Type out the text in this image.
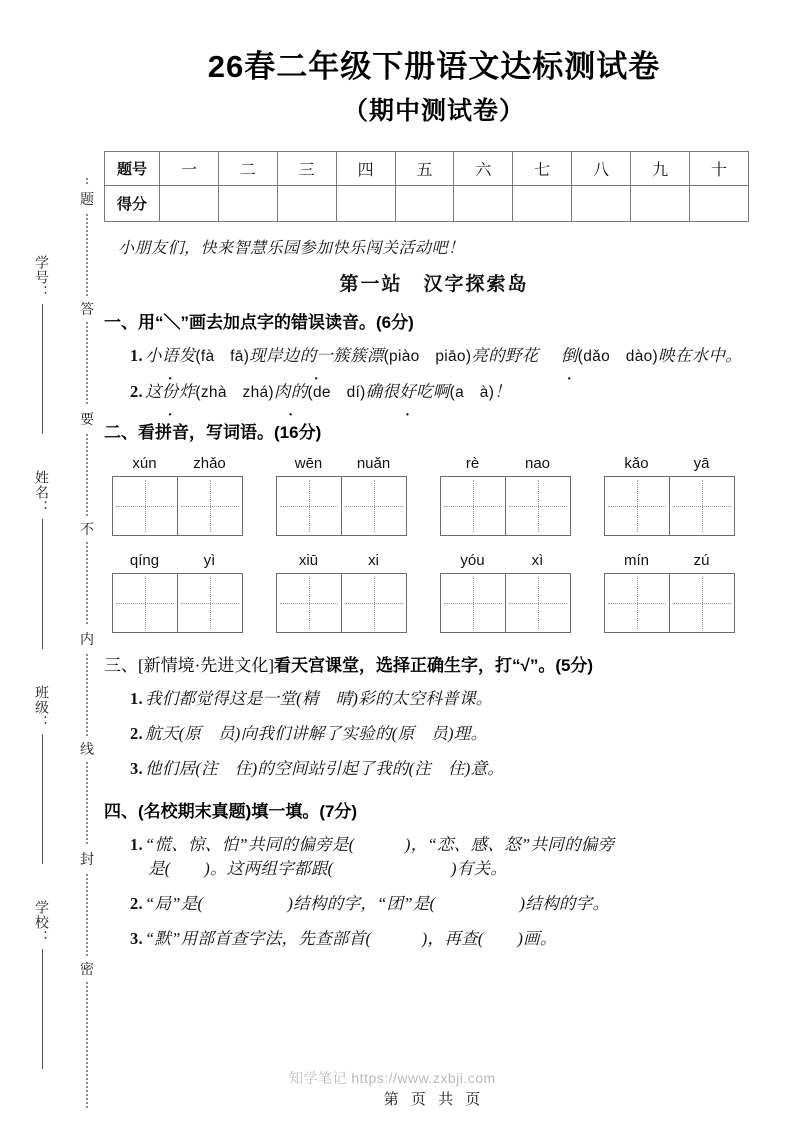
学号：
姓名：
班级：
学校：
题
答
要
不
内
线
封
密
26春二年级下册语文达标测试卷
（期中测试卷）
题号	一	二	三	四	五	六	七	八	九	十
得分										
小朋友们，快来智慧乐园参加快乐闯关活动吧！
第一站　汉字探索岛
一、用“＼”画去加点字的错误读音。(6分)
1. 小语发(fà　fā)现岸边的一簇簇漂 ·(piào　piāo)亮的野花 倒(dǎo　dào)映在水中。
2. 这份炸(zhà　zhá)肉的(de　dí)确很好吃啊 ·(a　à)！
二、看拼音，写词语。(16分)
xún	zhǎo	wēn	nuǎn	rè	nao	kǎo	yā
qíng	yì	xiū	xi	yóu	xì	mín	zú
三、[新情境·先进文化]看天宫课堂，选择正确生字，打“√”。(5分)
1. 我们都觉得这是一堂(精　晴)彩的太空科普课。
2. 航天(原　员)向我们讲解了实验的(原　员)理。
3. 他们居(注　住)的空间站引起了我的(注　住)意。
四、(名校期末真题)填一填。(7分)
1. “慌、惊、怕”共同的偏旁是(　　　)，“恋、感、怒”共同的偏旁 是(　　)。这两组字都跟(　　　　　　　)有关。
2. “局”是(　　　　　)结构的字，“团”是(　　　　　)结构的字。
3. “默”用部首查字法，先查部首(　　　)，再查(　　)画。
知学笔记 https://www.zxbji.com
第 页 共 页
